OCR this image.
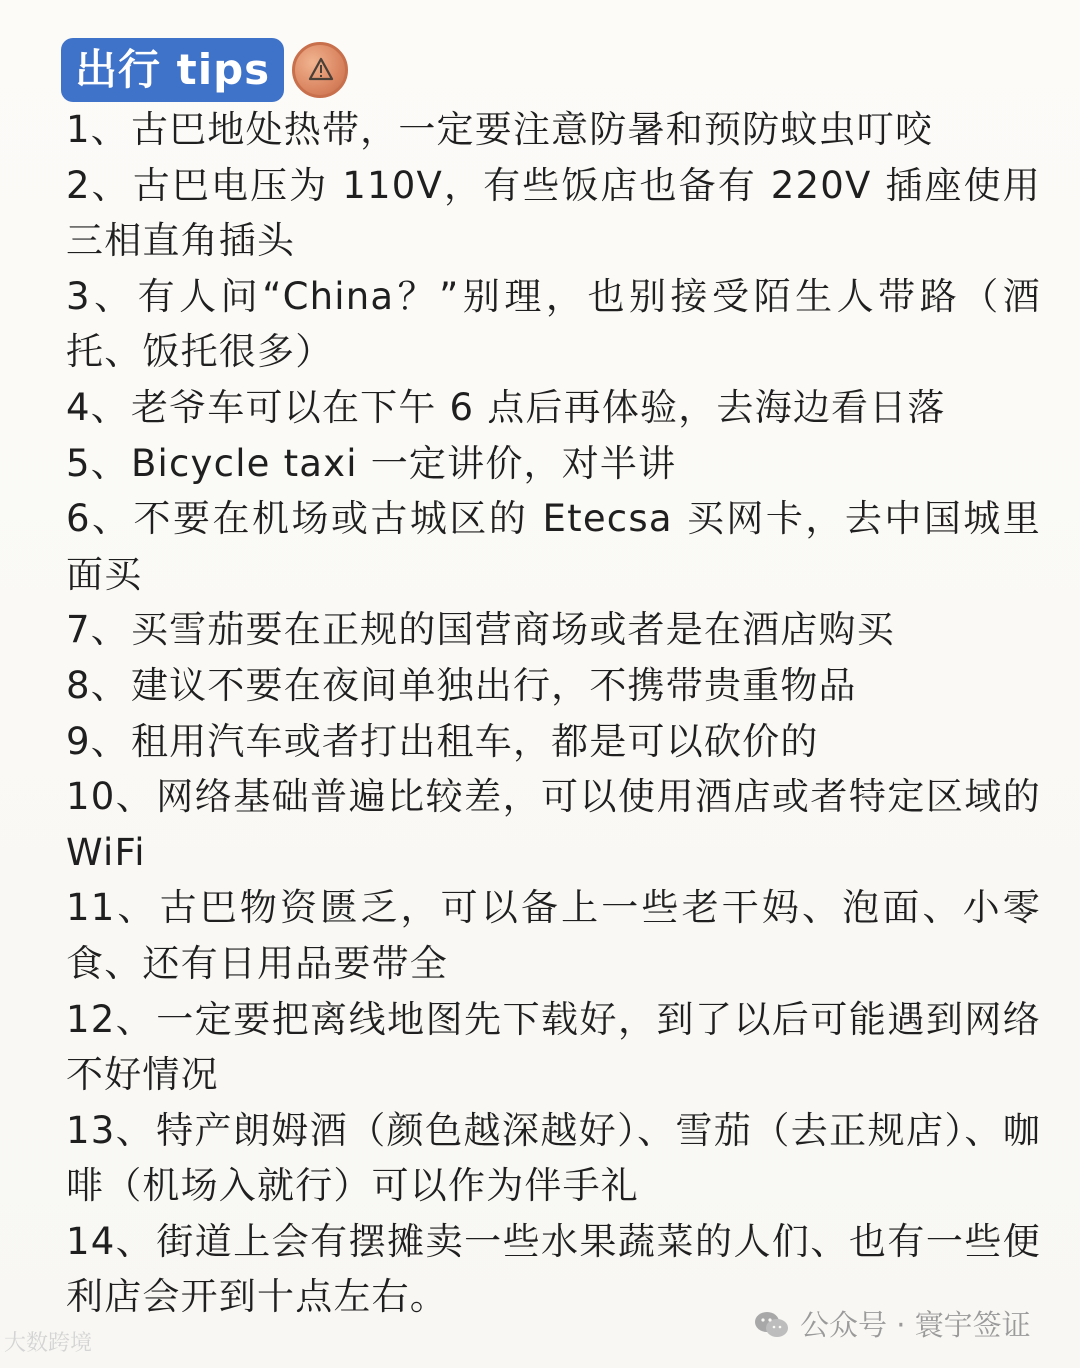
出行 tips
1、古巴地处热带，一定要注意防暑和预防蚊虫叮咬
2、古巴电压为 110V，有些饭店也备有 220V 插座使用三相直角插头
3、有人问“China？”别理，也别接受陌生人带路（酒托、饭托很多）
4、老爷车可以在下午 6 点后再体验，去海边看日落
5、Bicycle taxi 一定讲价，对半讲
6、不要在机场或古城区的 Etecsa 买网卡，去中国城里面买
7、买雪茄要在正规的国营商场或者是在酒店购买
8、建议不要在夜间单独出行，不携带贵重物品
9、租用汽车或者打出租车，都是可以砍价的
10、网络基础普遍比较差，可以使用酒店或者特定区域的 WiFi
11、古巴物资匮乏，可以备上一些老干妈、泡面、小零食、还有日用品要带全
12、一定要把离线地图先下载好，到了以后可能遇到网络不好情况
13、特产朗姆酒（颜色越深越好）、雪茄（去正规店）、咖啡（机场入就行）可以作为伴手礼
14、街道上会有摆摊卖一些水果蔬菜的人们、也有一些便利店会开到十点左右。
大数跨境
公众号 · 寰宇签证
